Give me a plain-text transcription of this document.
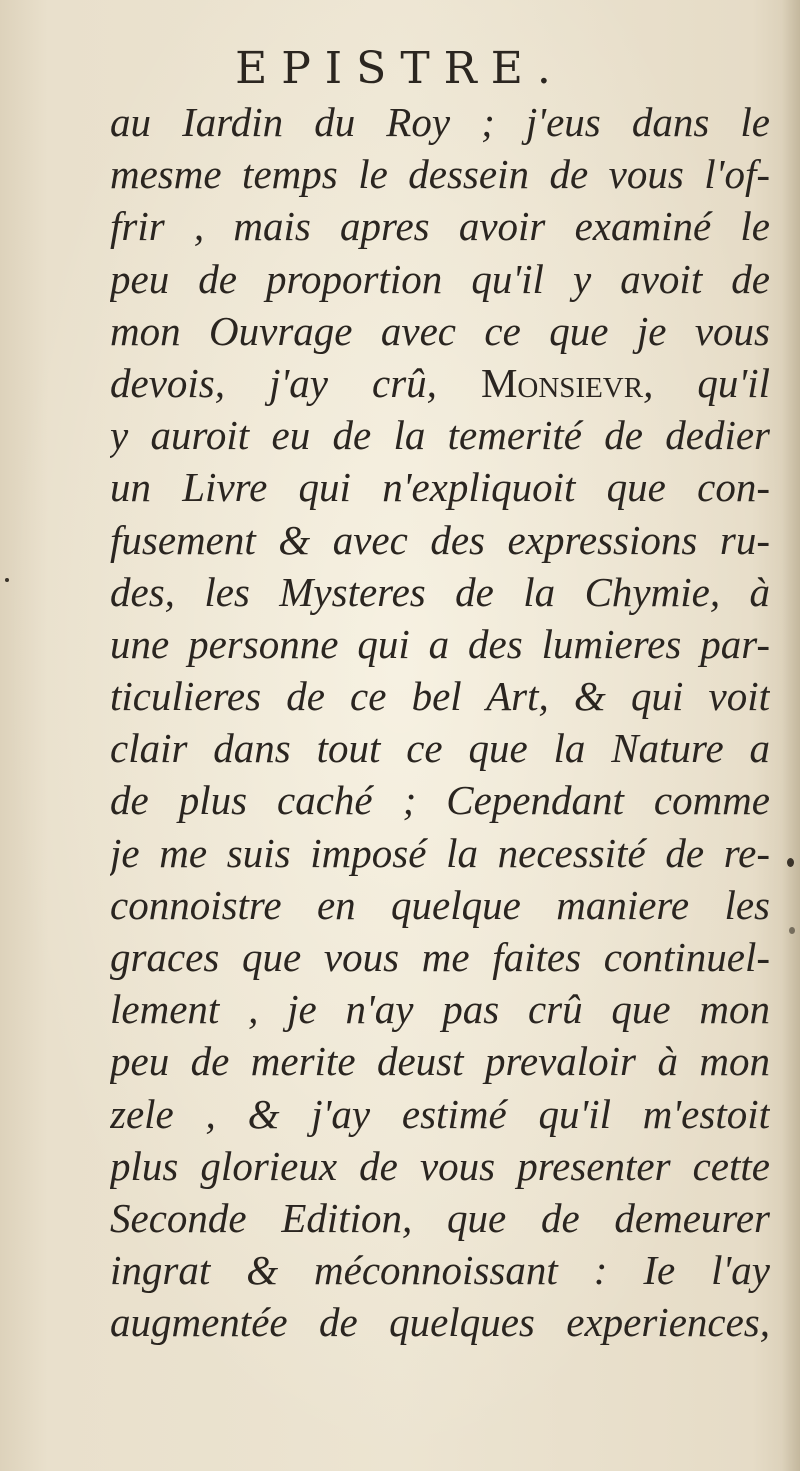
EPISTRE.
au Iardin du Roy ; j'eus dans le
mesme temps le dessein de vous l'of-
frir , mais apres avoir examiné le
peu de proportion qu'il y avoit de
mon Ouvrage avec ce que je vous
devois, j'ay crû, Monsievr, qu'il
y auroit eu de la temerité de dedier
un Livre qui n'expliquoit que con-
fusement & avec des expressions ru-
des, les Mysteres de la Chymie, à
une personne qui a des lumieres par-
ticulieres de ce bel Art, & qui voit
clair dans tout ce que la Nature a
de plus caché ; Cependant comme
je me suis imposé la necessité de re-
connoistre en quelque maniere les
graces que vous me faites continuel-
lement , je n'ay pas crû que mon
peu de merite deust prevaloir à mon
zele , & j'ay estimé qu'il m'estoit
plus glorieux de vous presenter cette
Seconde Edition, que de demeurer
ingrat & méconnoissant : Ie l'ay
augmentée de quelques experiences,
